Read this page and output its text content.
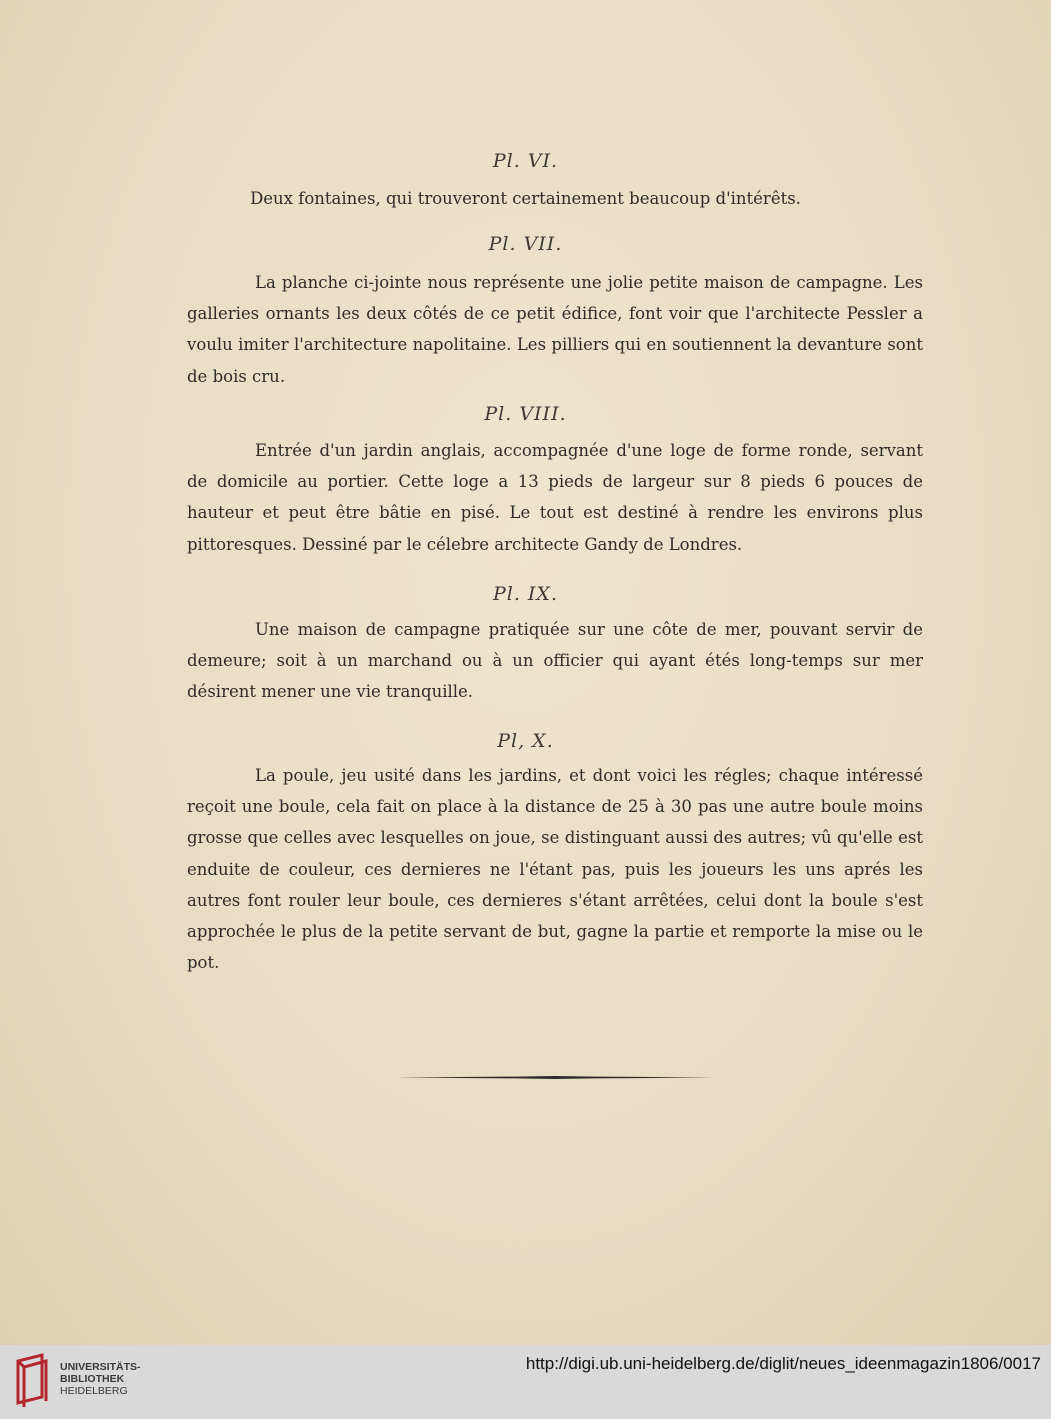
Pl. VI.

Deux fontaines, qui trouveront certainement beaucoup d'intérêts.

Pl. VII.

La planche ci-jointe nous représente une jolie petite maison de campagne. Les galleries ornants les deux côtés de ce petit édifice, font voir que l'architecte Pessler a voulu imiter l'architecture napolitaine. Les pilliers qui en soutiennent la devanture sont de bois cru.

Pl. VIII.

Entrée d'un jardin anglais, accompagnée d'une loge de forme ronde, servant de domicile au portier. Cette loge a 13 pieds de largeur sur 8 pieds 6 pouces de hauteur et peut être bâtie en pisé. Le tout est destiné à rendre les environs plus pittoresques. Dessiné par le célebre architecte Gandy de Londres.

Pl. IX.

Une maison de campagne pratiquée sur une côte de mer, pouvant servir de demeure; soit à un marchand ou à un officier qui ayant étés long-temps sur mer désirent mener une vie tranquille.

Pl, X.

La poule, jeu usité dans les jardins, et dont voici les régles; chaque intéressé reçoit une boule, cela fait on place à la distance de 25 à 30 pas une autre boule moins grosse que celles avec lesquelles on joue, se distinguant aussi des autres; vû qu'elle est enduite de couleur, ces dernieres ne l'étant pas, puis les joueurs les uns aprés les autres font rouler leur boule, ces dernieres s'étant arrêtées, celui dont la boule s'est approchée le plus de la petite servant de but, gagne la partie et remporte la mise ou le pot.

UNIVERSITÄTS-
BIBLIOTHEK
HEIDELBERG
http://digi.ub.uni-heidelberg.de/diglit/neues_ideenmagazin1806/0017
